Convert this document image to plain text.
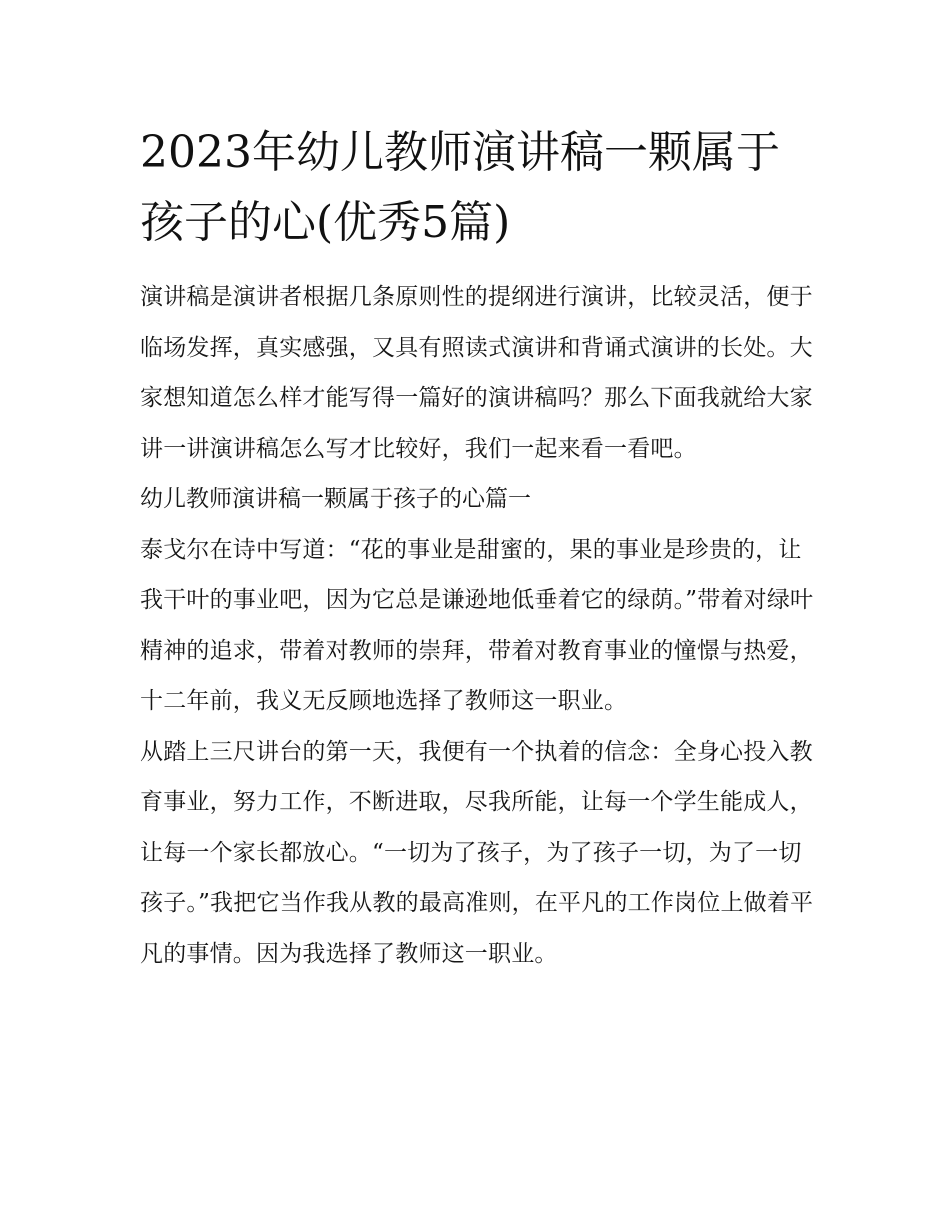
2023年幼儿教师演讲稿一颗属于孩子的心(优秀5篇)

演讲稿是演讲者根据几条原则性的提纲进行演讲，比较灵活，便于临场发挥，真实感强，又具有照读式演讲和背诵式演讲的长处。大家想知道怎么样才能写得一篇好的演讲稿吗？那么下面我就给大家讲一讲演讲稿怎么写才比较好，我们一起来看一看吧。

幼儿教师演讲稿一颗属于孩子的心篇一

泰戈尔在诗中写道：“花的事业是甜蜜的，果的事业是珍贵的，让我干叶的事业吧，因为它总是谦逊地低垂着它的绿荫。”带着对绿叶精神的追求，带着对教师的崇拜，带着对教育事业的憧憬与热爱，十二年前，我义无反顾地选择了教师这一职业。

从踏上三尺讲台的第一天，我便有一个执着的信念：全身心投入教育事业，努力工作，不断进取，尽我所能，让每一个学生能成人，让每一个家长都放心。“一切为了孩子，为了孩子一切，为了一切孩子。”我把它当作我从教的最高准则，在平凡的工作岗位上做着平凡的事情。因为我选择了教师这一职业。
